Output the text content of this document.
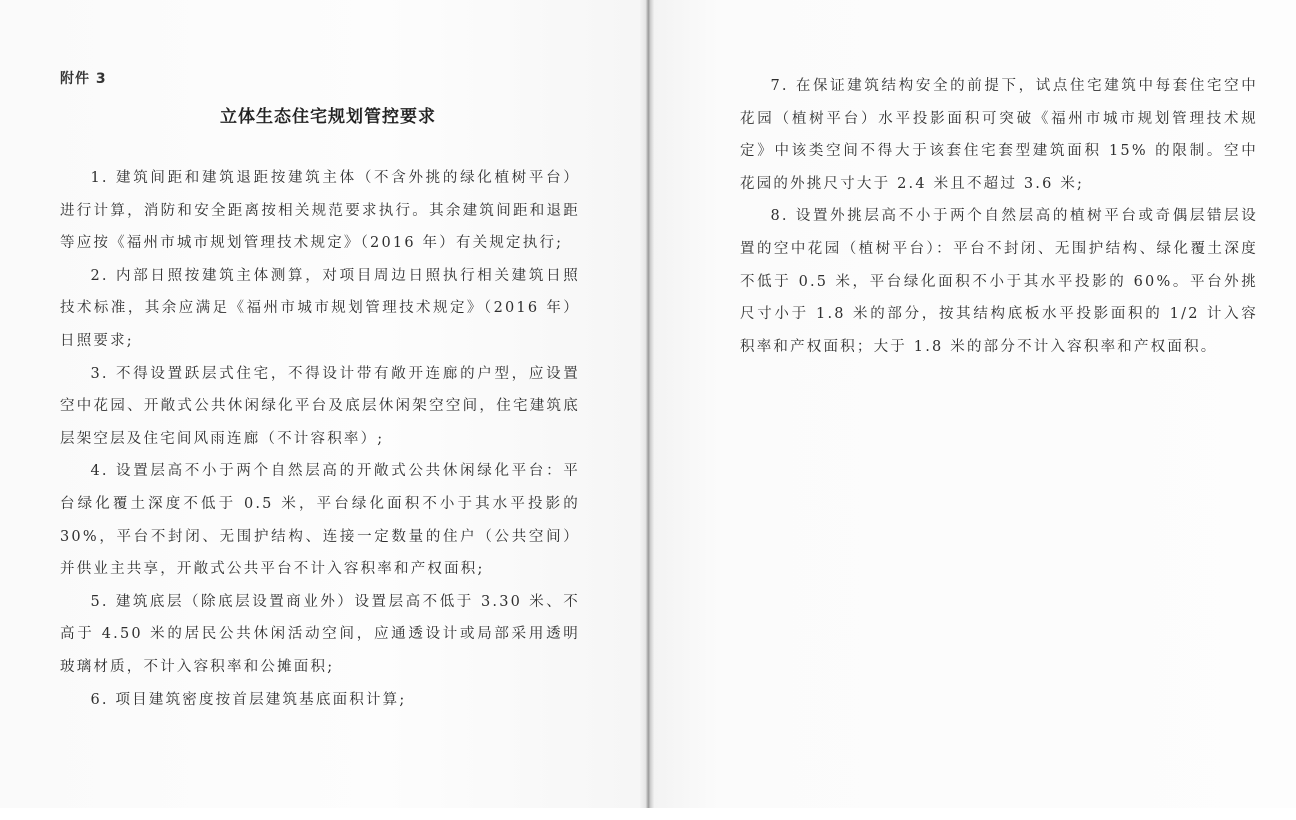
附件 3
立体生态住宅规划管控要求

1. 建筑间距和建筑退距按建筑主体（不含外挑的绿化植树平台）进行计算，消防和安全距离按相关规范要求执行。其余建筑间距和退距等应按《福州市城市规划管理技术规定》（2016 年）有关规定执行;

2. 内部日照按建筑主体测算，对项目周边日照执行相关建筑日照技术标准，其余应满足《福州市城市规划管理技术规定》（2016 年）日照要求;

3. 不得设置跃层式住宅，不得设计带有敞开连廊的户型，应设置空中花园、开敞式公共休闲绿化平台及底层休闲架空空间，住宅建筑底层架空层及住宅间风雨连廊（不计容积率）;

4. 设置层高不小于两个自然层高的开敞式公共休闲绿化平台：平台绿化覆土深度不低于 0.5 米，平台绿化面积不小于其水平投影的 30%，平台不封闭、无围护结构、连接一定数量的住户（公共空间）并供业主共享，开敞式公共平台不计入容积率和产权面积;

5. 建筑底层（除底层设置商业外）设置层高不低于 3.30 米、不高于 4.50 米的居民公共休闲活动空间，应通透设计或局部采用透明玻璃材质，不计入容积率和公摊面积;

6. 项目建筑密度按首层建筑基底面积计算;

7. 在保证建筑结构安全的前提下，试点住宅建筑中每套住宅空中花园（植树平台）水平投影面积可突破《福州市城市规划管理技术规定》中该类空间不得大于该套住宅套型建筑面积 15% 的限制。空中花园的外挑尺寸大于 2.4 米且不超过 3.6 米;

8. 设置外挑层高不小于两个自然层高的植树平台或奇偶层错层设置的空中花园（植树平台）：平台不封闭、无围护结构、绿化覆土深度不低于 0.5 米，平台绿化面积不小于其水平投影的 60%。平台外挑尺寸小于 1.8 米的部分，按其结构底板水平投影面积的 1/2 计入容积率和产权面积；大于 1.8 米的部分不计入容积率和产权面积。
